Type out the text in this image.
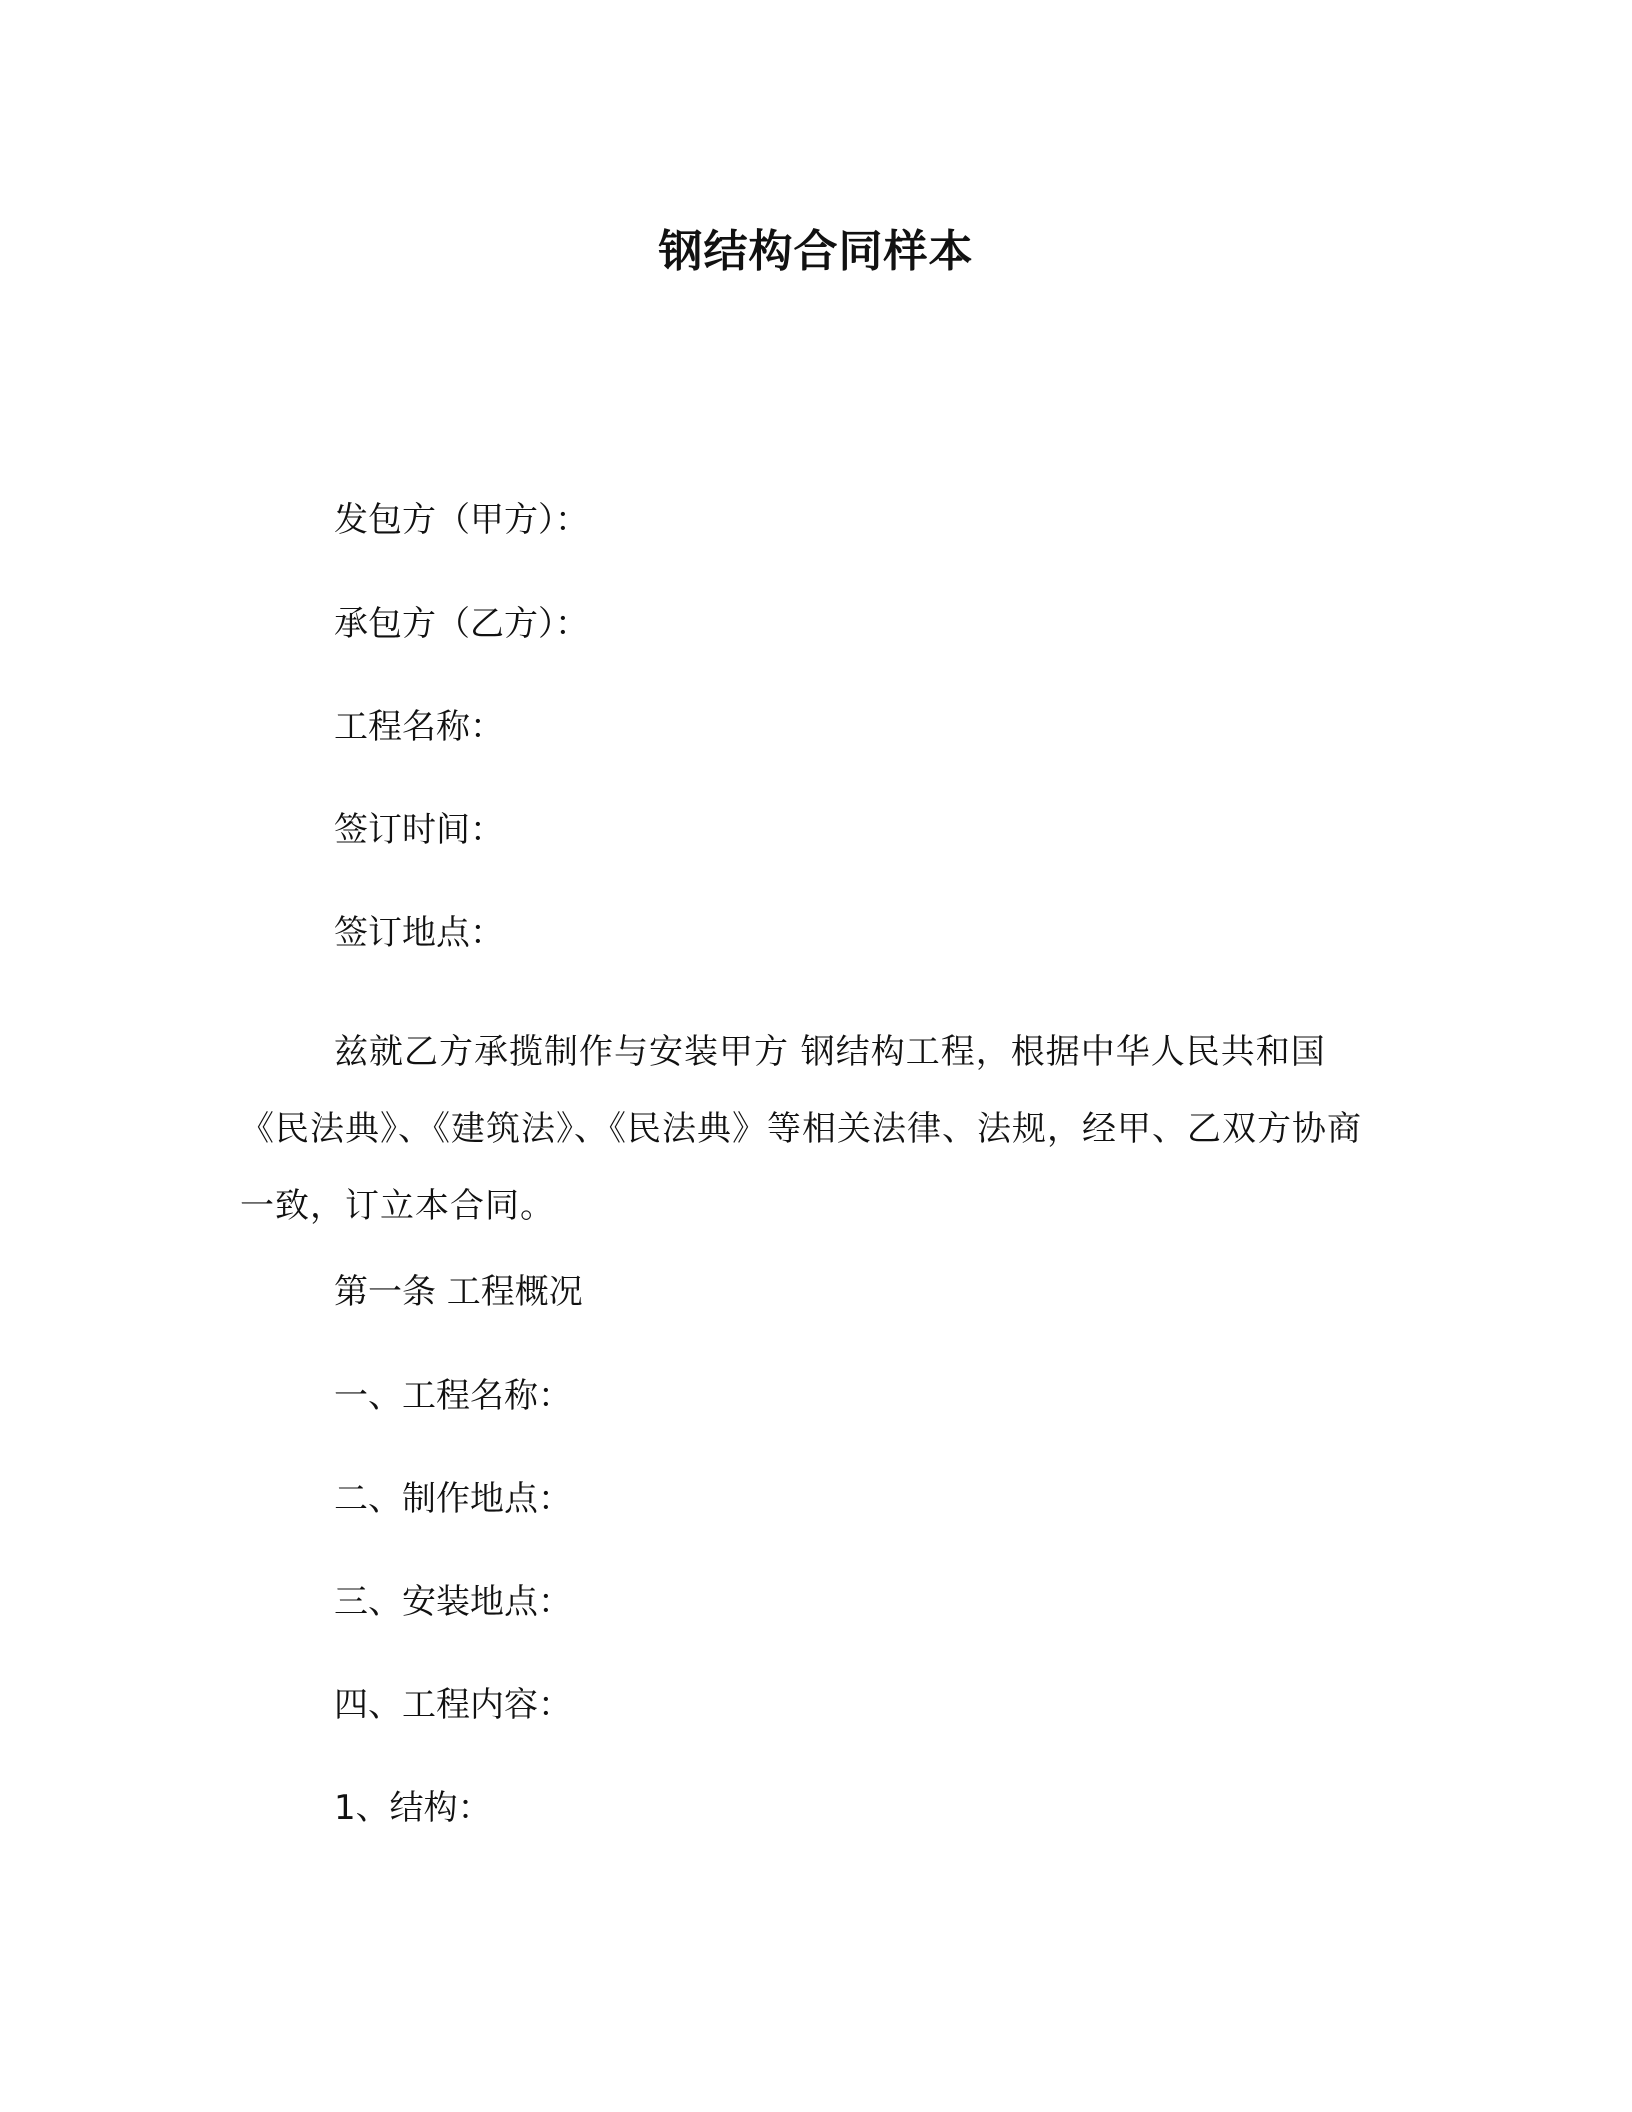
钢结构合同样本
发包方（甲方）：
承包方（乙方）：
工程名称：
签订时间：
签订地点：
兹就乙方承揽制作与安装甲方 钢结构工程，根据中华人民共和国《民法典》、《建筑法》、《民法典》等相关法律、法规，经甲、乙双方协商一致，订立本合同。
第一条 工程概况
一、工程名称：
二、制作地点：
三、安装地点：
四、工程内容：
1、结构：
